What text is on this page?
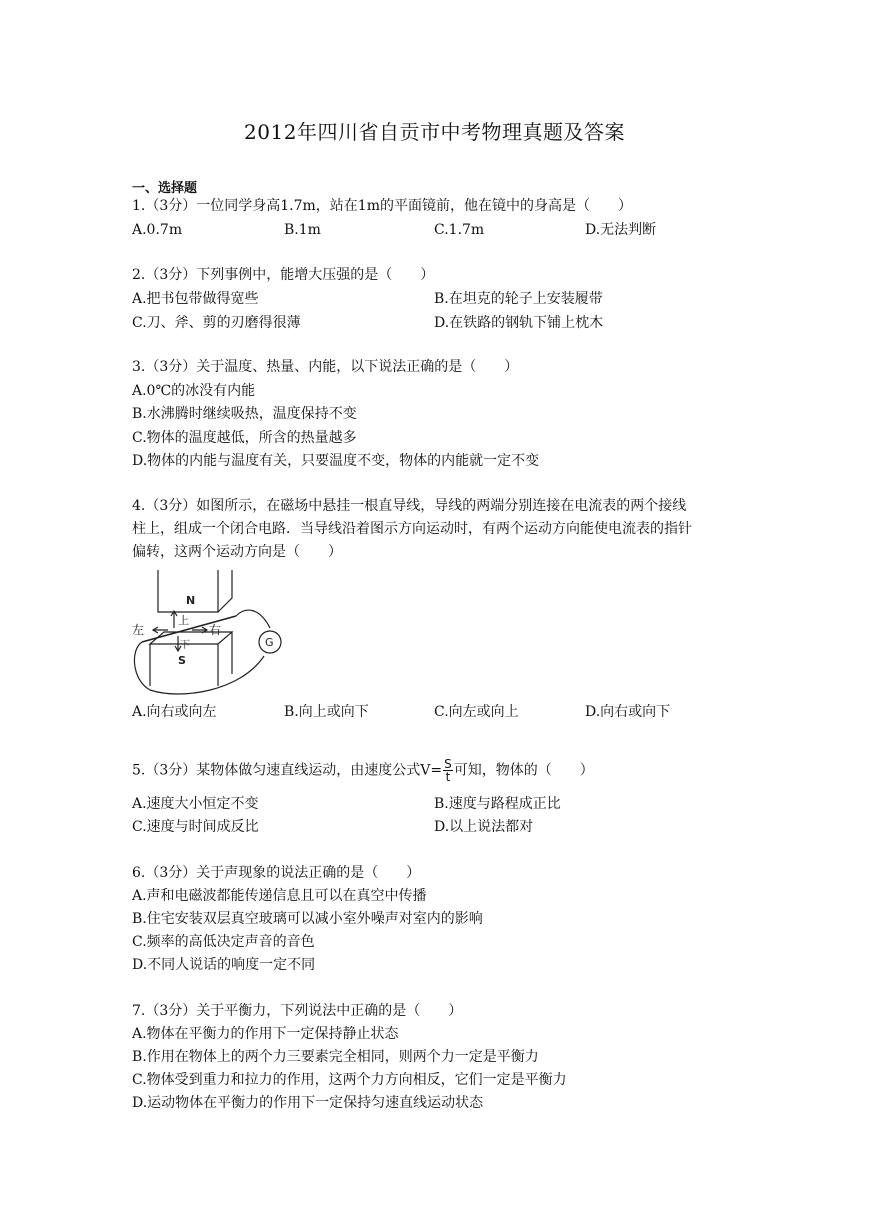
2012年四川省自贡市中考物理真题及答案
一、选择题
1.（3分）一位同学身高1.7m，站在1m的平面镜前，他在镜中的身高是（　　）
A.0.7m	B.1m	C.1.7m	D.无法判断
2.（3分）下列事例中，能增大压强的是（　　）
A.把书包带做得宽些	B.在坦克的轮子上安装履带
C.刀、斧、剪的刃磨得很薄	D.在铁路的钢轨下铺上枕木
3.（3分）关于温度、热量、内能，以下说法正确的是（　　）
A.0℃的冰没有内能
B.水沸腾时继续吸热，温度保持不变
C.物体的温度越低，所含的热量越多
D.物体的内能与温度有关，只要温度不变，物体的内能就一定不变
4.（3分）如图所示，在磁场中悬挂一根直导线，导线的两端分别连接在电流表的两个接线
柱上，组成一个闭合电路．当导线沿着图示方向运动时，有两个运动方向能使电流表的指针
偏转，这两个运动方向是（　　）
N
S
G
上
下
左	右
A.向右或向左	B.向上或向下	C.向左或向上	D.向右或向下
5.（3分）某物体做匀速直线运动，由速度公式$V= \frac{S}{t}$ 可知，物体的（　　）
A.速度大小恒定不变	B.速度与路程成正比
C.速度与时间成反比	D.以上说法都对
6.（3分）关于声现象的说法正确的是（　　）
A.声和电磁波都能传递信息且可以在真空中传播
B.住宅安装双层真空玻璃可以减小室外噪声对室内的影响
C.频率的高低决定声音的音色
D.不同人说话的响度一定不同
7.（3分）关于平衡力，下列说法中正确的是（　　）
A.物体在平衡力的作用下一定保持静止状态
B.作用在物体上的两个力三要素完全相同，则两个力一定是平衡力
C.物体受到重力和拉力的作用，这两个力方向相反，它们一定是平衡力
D.运动物体在平衡力的作用下一定保持匀速直线运动状态
